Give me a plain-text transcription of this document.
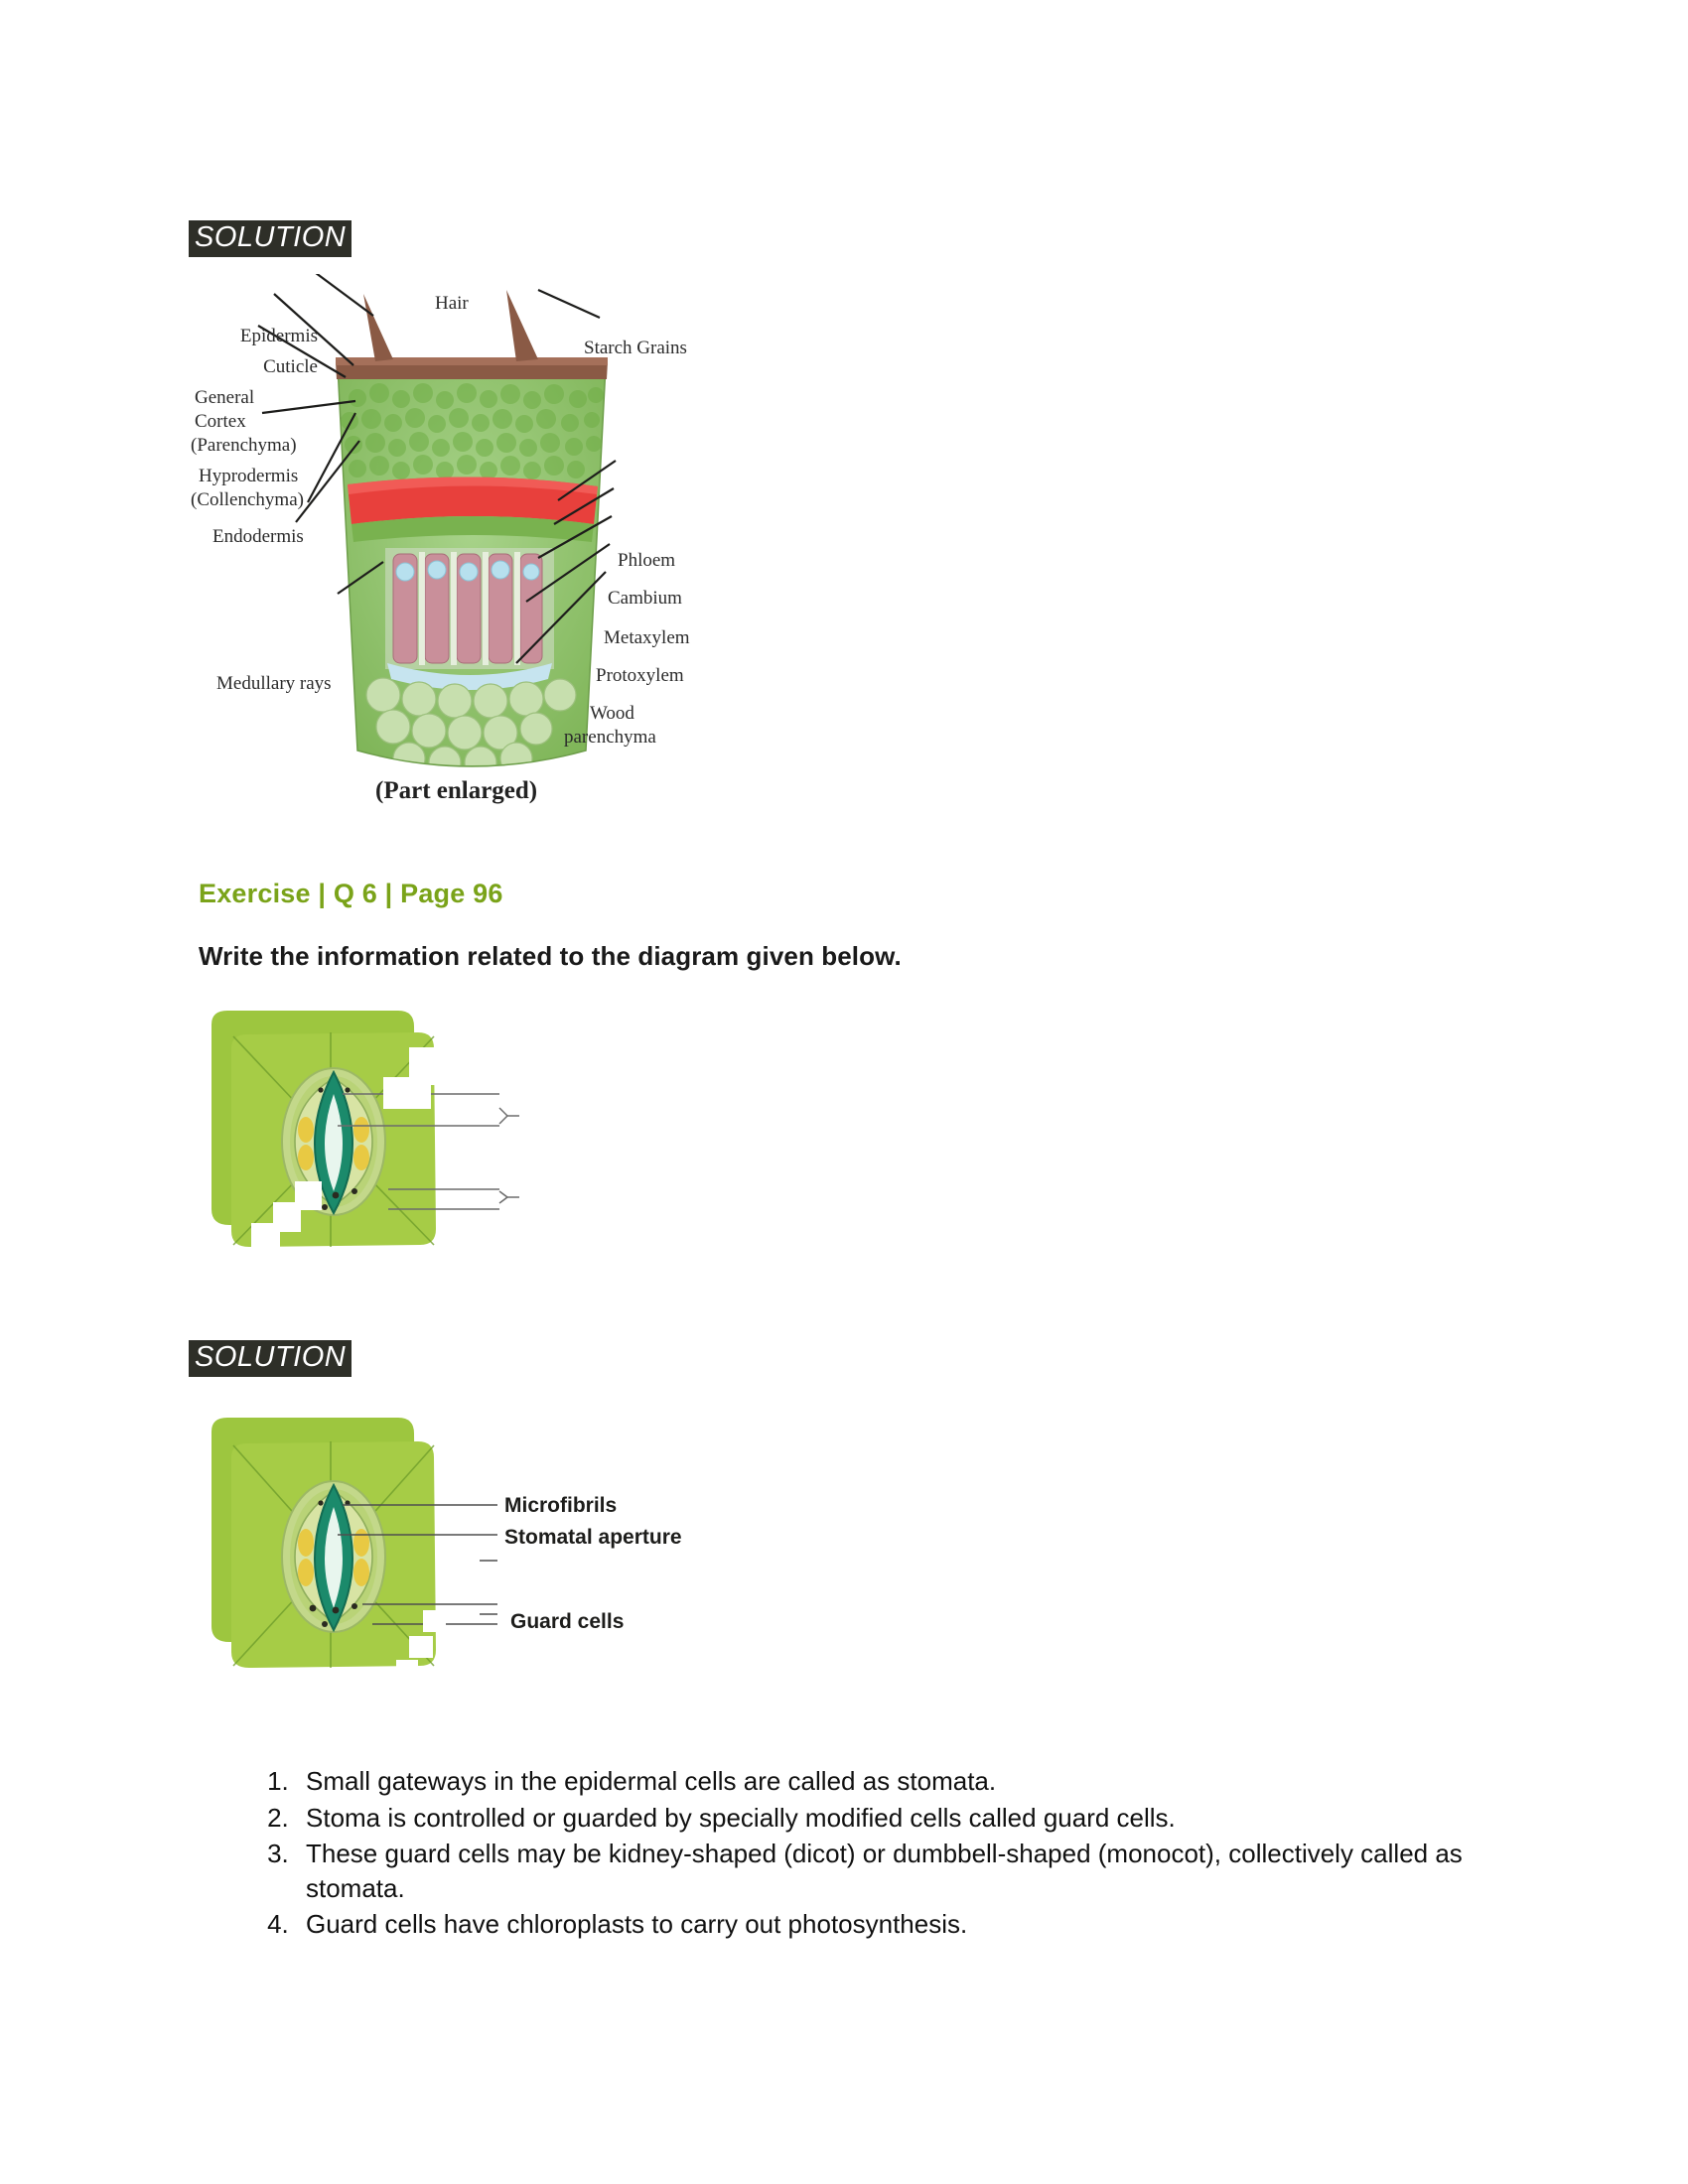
SOLUTION
Epidermis
Cuticle
General
Cortex
(Parenchyma)
Hyprodermis
(Collenchyma)
Endodermis
Medullary rays
Hair
Starch Grains
Phloem
Cambium
Metaxylem
Protoxylem
Wood
parenchyma
(Part enlarged)
Exercise | Q 6 | Page 96
Write the information related to the diagram given below.
SOLUTION
Microfibrils
Stomatal aperture
Guard cells
1. Small gateways in the epidermal cells are called as stomata.
2. Stoma is controlled or guarded by specially modified cells called guard cells.
3. These guard cells may be kidney-shaped (dicot) or dumbbell-shaped (monocot), collectively called as stomata.
4. Guard cells have chloroplasts to carry out photosynthesis.
